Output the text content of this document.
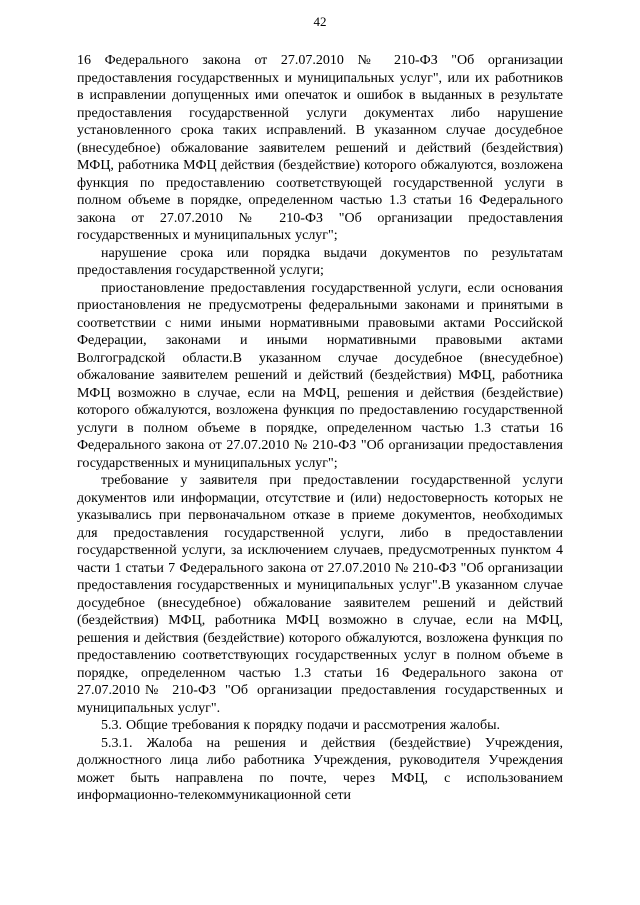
42

16 Федерального закона от 27.07.2010 № 210-ФЗ "Об организации предоставления государственных и муниципальных услуг", или их работников в исправлении допущенных ими опечаток и ошибок в выданных в результате предоставления государственной услуги документах либо нарушение установленного срока таких исправлений. В указанном случае досудебное (внесудебное) обжалование заявителем решений и действий (бездействия) МФЦ, работника МФЦ действия (бездействие) которого обжалуются, возложена функция по предоставлению соответствующей государственной услуги в полном объеме в порядке, определенном частью 1.3 статьи 16 Федерального закона от 27.07.2010 № 210-ФЗ "Об организации предоставления государственных и муниципальных услуг";

нарушение срока или порядка выдачи документов по результатам предоставления государственной услуги;

приостановление предоставления государственной услуги, если основания приостановления не предусмотрены федеральными законами и принятыми в соответствии с ними иными нормативными правовыми актами Российской Федерации, законами и иными нормативными правовыми актами Волгоградской области.В указанном случае досудебное (внесудебное) обжалование заявителем решений и действий (бездействия) МФЦ, работника МФЦ возможно в случае, если на МФЦ, решения и действия (бездействие) которого обжалуются, возложена функция по предоставлению государственной услуги в полном объеме в порядке, определенном частью 1.3 статьи 16 Федерального закона от 27.07.2010 № 210-ФЗ "Об организации предоставления государственных и муниципальных услуг";

требование у заявителя при предоставлении государственной услуги документов или информации, отсутствие и (или) недостоверность которых не указывались при первоначальном отказе в приеме документов, необходимых для предоставления государственной услуги, либо в предоставлении государственной услуги, за исключением случаев, предусмотренных пунктом 4 части 1 статьи 7 Федерального закона от 27.07.2010 № 210-ФЗ "Об организации предоставления государственных и муниципальных услуг".В указанном случае досудебное (внесудебное) обжалование заявителем решений и действий (бездействия) МФЦ, работника МФЦ возможно в случае, если на МФЦ, решения и действия (бездействие) которого обжалуются, возложена функция по предоставлению соответствующих государственных услуг в полном объеме в порядке, определенном частью 1.3 статьи 16 Федерального закона от 27.07.2010№ 210-ФЗ "Об организации предоставления государственных и муниципальных услуг".

5.3. Общие требования к порядку подачи и рассмотрения жалобы.

5.3.1. Жалоба на решения и действия (бездействие) Учреждения, должностного лица либо работника Учреждения, руководителя Учреждения может быть направлена по почте, через МФЦ, с использованием информационно-телекоммуникационной сети
